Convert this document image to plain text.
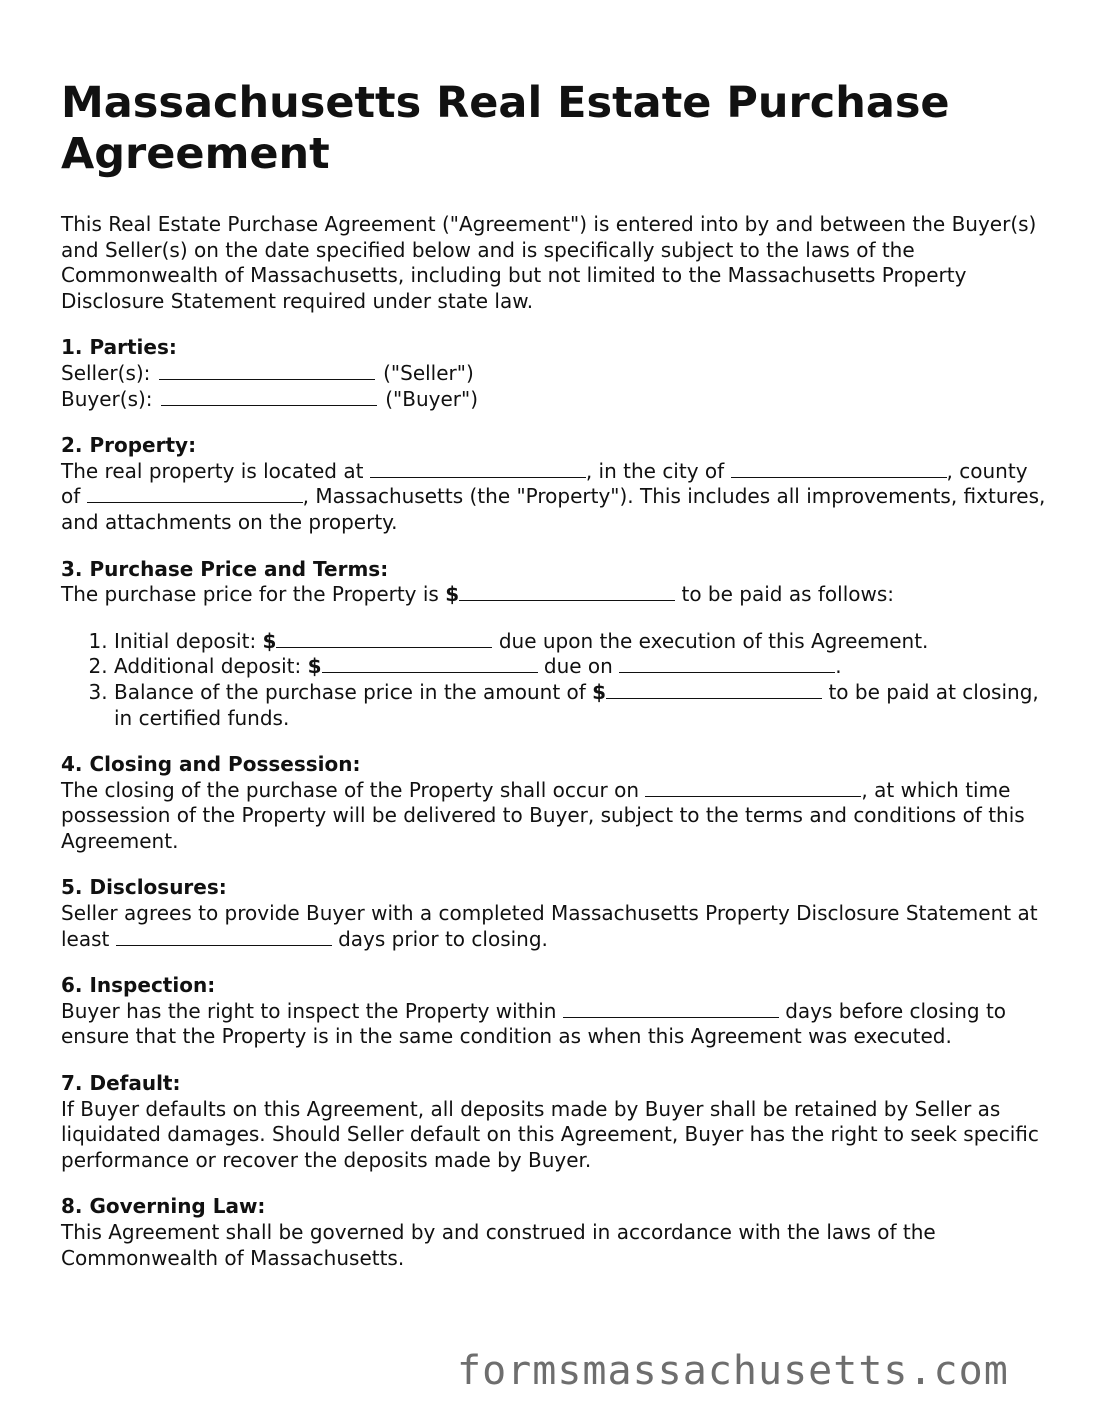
Massachusetts Real Estate Purchase Agreement

This Real Estate Purchase Agreement ("Agreement") is entered into by and between the Buyer(s) and Seller(s) on the date specified below and is specifically subject to the laws of the Commonwealth of Massachusetts, including but not limited to the Massachusetts Property Disclosure Statement required under state law.

1. Parties:
Seller(s):	("Seller")
Buyer(s):	("Buyer")
2. Property:
The real property is located at	, in the city of	, county of	, Massachusetts (the "Property"). This includes all improvements, fixtures, and attachments on the property.
3. Purchase Price and Terms:
The purchase price for the Property is $	to be paid as follows:
1. Initial deposit: $	due upon the execution of this Agreement.
2. Additional deposit: $	due on	.
3. Balance of the purchase price in the amount of $	to be paid at closing, in certified funds.
4. Closing and Possession:
The closing of the purchase of the Property shall occur on	, at which time possession of the Property will be delivered to Buyer, subject to the terms and conditions of this Agreement.
5. Disclosures:
Seller agrees to provide Buyer with a completed Massachusetts Property Disclosure Statement at least	days prior to closing.
6. Inspection:
Buyer has the right to inspect the Property within	days before closing to ensure that the Property is in the same condition as when this Agreement was executed.
7. Default:
If Buyer defaults on this Agreement, all deposits made by Buyer shall be retained by Seller as liquidated damages. Should Seller default on this Agreement, Buyer has the right to seek specific performance or recover the deposits made by Buyer.
8. Governing Law:
This Agreement shall be governed by and construed in accordance with the laws of the Commonwealth of Massachusetts.
formsmassachusetts.com
